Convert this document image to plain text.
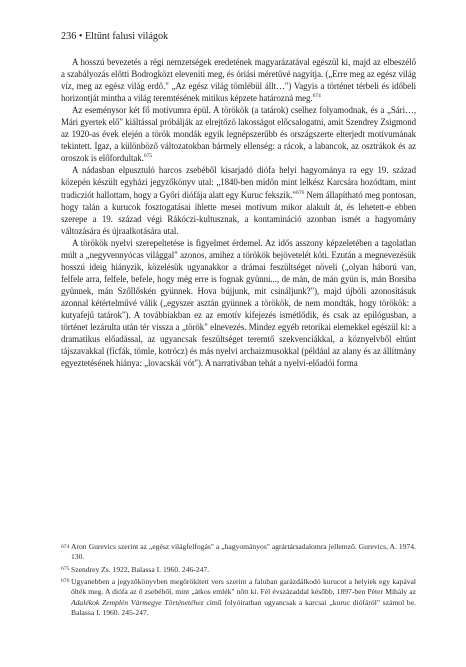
236 • Eltűnt falusi világok

A hosszú bevezetés a régi nemzetségek eredetének magyarázatával egészül ki, majd az elbeszélő a szabályozás előtti Bodrogközt eleveníti meg, és óriási méretűvé nagyítja. („Erre meg az egész világ víz, meg az egész világ erdő." „Az egész világ tömlébül állt…") Vagyis a történet térbeli és időbeli horizontját mintha a világ teremtésének mitikus képzete határozná meg.$^{674}$

Az eseménysor két fő motívumra épül. A törökök (a tatárok) cselhez folyamodnak, és a „Sári…, Mári gyertek elő" kiáltással próbálják az elrejtőzö lakosságot előcsalogatni, amit Szendrey Zsigmond az 1920-as évek elején a török mondák egyik legnépszerűbb és országszerte elterjedt motívumának tekintett. Igaz, a különböző változatokban bármely ellenség: a rácok, a labancok, az osztrákok és az oroszok is előfordultak.$^{675}$

A nádasban elpusztuló harcos zsebéből kisarjadó diófa helyi hagyománya ra egy 19. század közepén készült egyházi jegyzőkönyv utal: „1840-ben midőn mint lelkész Karcsára hozódtam, mint tradicziót hallottam, hogy a Győri diófája alatt egy Kuruc fekszik."$^{676}$ Nem állapítható meg pontosan, hogy talán a kurucok fosztogatásai ihlette mesei motívum mikor alakult át, és lehetett-e ebben szerepe a 19. század végi Rákóczi-kultusznak, a kontamináció azonban ismét a hagyomány változására és újraalkotására utal.

A törökök nyelvi szerepeltetése is figyelmet érdemel. Az idős asszony képzeletében a tagolatlan múlt a „negyvennyócas világgal" azonos, amihez a törökök bejövetelét köti. Ezután a megnevezésük hosszú ideig hiányzik, közelésük ugyanakkor a drámai feszültséget növeli („olyan háború van, felfele arra, felfele, befele, hogy még erre is fognak gyünni..., de mán, de mán gyün is, mán Borsiba gyünnek, mán Szőllőskén gyünnek. Hova bújjunk, mit csináljunk?"), majd újbóli azonosításuk azonnal kétértelművé válik („egyszer asztán gyünnek a törökök, de nem mondták, hogy törökök: a kutyafejű tatárok"). A továbbiakban ez az emotív kifejezés ismétlődik, és csak az epilógusban, a történet lezárulta után tér vissza a „török" elnevezés. Mindez egyéb retorikai elemekkel egészül ki: a dramatikus előadással, az ugyancsak feszültséget teremtő szekvenciákkal, a köznyelvből eltűnt tájszavakkal (ficfák, tömle, kotrócz) és más nyelvi archaizmusokkal (például az alany és az állítmány egyeztetésének hiánya: „lovacskái vót"). A narratívában tehát a nyelvi-előadói forma

674 Aron Gurevics szerint az „egész világfelfogás" a „hagyományos" agrártársadalomra jellemző. Gurevics, A. 1974. 130.
675 Szendrey Zs. 1922, Balassa I. 1960. 246-247.
676 Ugyanebben a jegyzőkönyvben megörökített vers szerint a faluban garázdálkodó kurucot a helyiek egy kapával ölték meg. A diófa az ő zsebéből, mint „átkos emlék" nőtt ki. Fél évszázaddal később, 1897-ben Péter Mihály az Adalékok Zemplén Vármegye Történetéhez című folyóiratban ugyancsak a karcsai „kuruc diófáról" számol be. Balassa I. 1960. 245-247.
